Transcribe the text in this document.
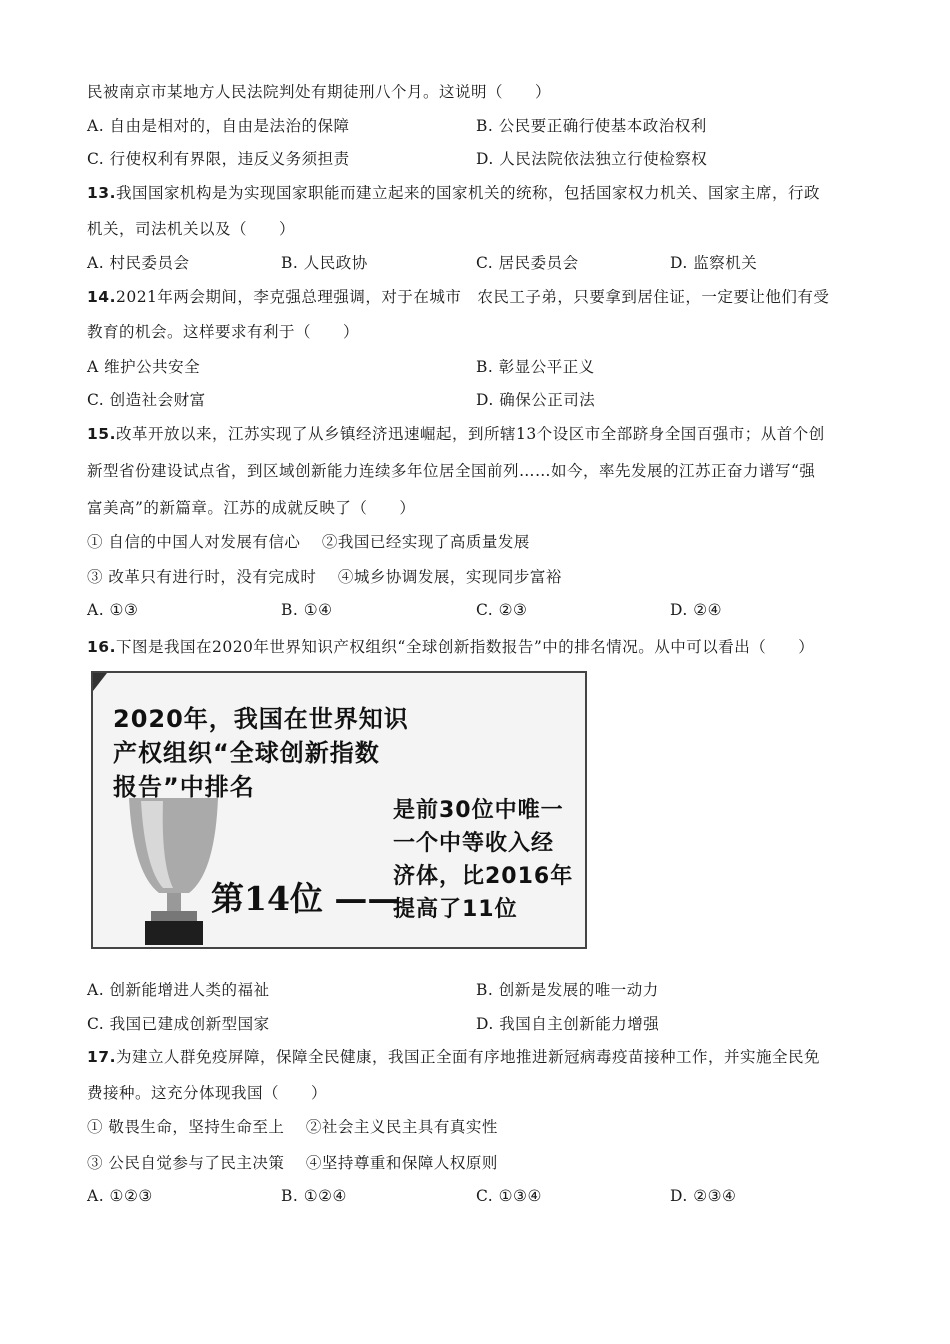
民被南京市某地方人民法院判处有期徒刑八个月。这说明（　　）
A. 自由是相对的，自由是法治的保障	B. 公民要正确行使基本政治权利
C. 行使权利有界限，违反义务须担责	D. 人民法院依法独立行使检察权
13.我国国家机构是为实现国家职能而建立起来的国家机关的统称，包括国家权力机关、国家主席，行政
机关，司法机关以及（　　）
A. 村民委员会	B. 人民政协	C. 居民委员会	D. 监察机关
14.2021年两会期间，李克强总理强调，对于在城市　农民工子弟，只要拿到居住证，一定要让他们有受
教育的机会。这样要求有利于（　　）
A 维护公共安全	B. 彰显公平正义
C. 创造社会财富	D. 确保公正司法
15.改革开放以来，江苏实现了从乡镇经济迅速崛起，到所辖13个设区市全部跻身全国百强市；从首个创
新型省份建设试点省，到区域创新能力连续多年位居全国前列……如今，率先发展的江苏正奋力谱写“强
富美高”的新篇章。江苏的成就反映了（　　）
① 自信的中国人对发展有信心　 ②我国已经实现了高质量发展
③ 改革只有进行时，没有完成时　 ④城乡协调发展，实现同步富裕
A. ①③	B. ①④	C. ②③	D. ②④
16.下图是我国在2020年世界知识产权组织“全球创新指数报告”中的排名情况。从中可以看出（　　）
2020年，我国在世界知识
产权组织“全球创新指数
报告”中排名
第14位 ——
是前30位中唯一
一个中等收入经
济体，比2016年
提高了11位
A. 创新能增进人类的福祉	B. 创新是发展的唯一动力
C. 我国已建成创新型国家	D. 我国自主创新能力增强
17.为建立人群免疫屏障，保障全民健康，我国正全面有序地推进新冠病毒疫苗接种工作，并实施全民免
费接种。这充分体现我国（　　）
① 敬畏生命，坚持生命至上　 ②社会主义民主具有真实性
③ 公民自觉参与了民主决策　 ④坚持尊重和保障人权原则
A. ①②③	B. ①②④	C. ①③④	D. ②③④
